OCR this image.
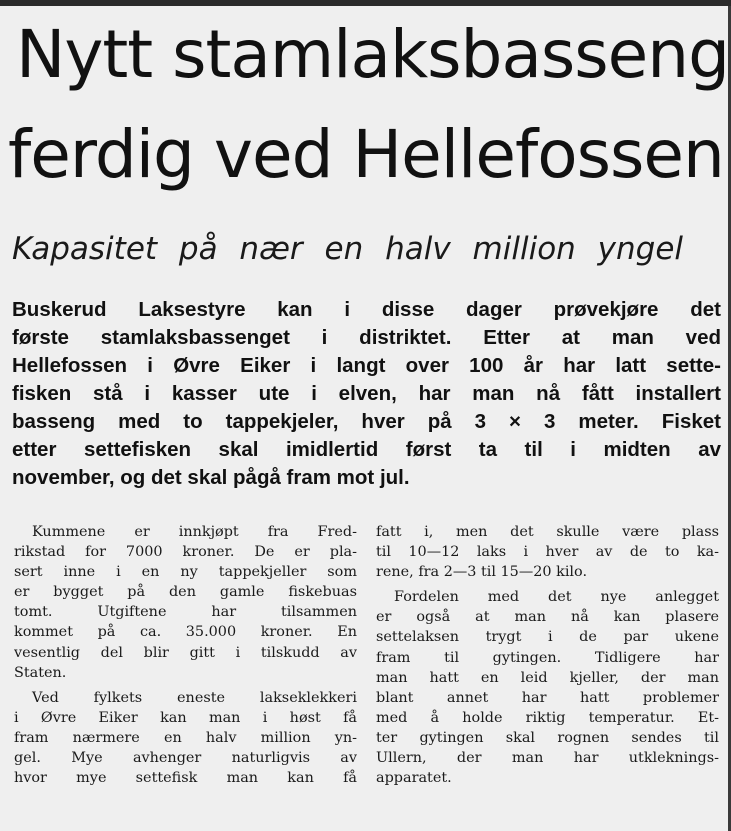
Nytt stamlaksbasseng
ferdig ved Hellefossen
Kapasitet på nær en halv million yngel
Buskerud Laksestyre kan i disse dager prøvekjøre det
første stamlaksbassenget i distriktet. Etter at man ved
Hellefossen i Øvre Eiker i langt over 100 år har latt sette-
fisken stå i kasser ute i elven, har man nå fått installert
basseng med to tappekjeler, hver på 3 × 3 meter. Fisket
etter settefisken skal imidlertid først ta til i midten av
november, og det skal pågå fram mot jul.
Kummene er innkjøpt fra Fred-
rikstad for 7000 kroner. De er pla-
sert inne i en ny tappekjeller som
er bygget på den gamle fiskebuas
tomt. Utgiftene har tilsammen
kommet på ca. 35.000 kroner. En
vesentlig del blir gitt i tilskudd av
Staten.
Ved fylkets eneste lakseklekkeri
i Øvre Eiker kan man i høst få
fram nærmere en halv million yn-
gel. Mye avhenger naturligvis av
hvor mye settefisk man kan få
fatt i, men det skulle være plass
til 10—12 laks i hver av de to ka-
rene, fra 2—3 til 15—20 kilo.
Fordelen med det nye anlegget
er også at man nå kan plasere
settelaksen trygt i de par ukene
fram til gytingen. Tidligere har
man hatt en leid kjeller, der man
blant annet har hatt problemer
med å holde riktig temperatur. Et-
ter gytingen skal rognen sendes til
Ullern, der man har utkleknings-
apparatet.
